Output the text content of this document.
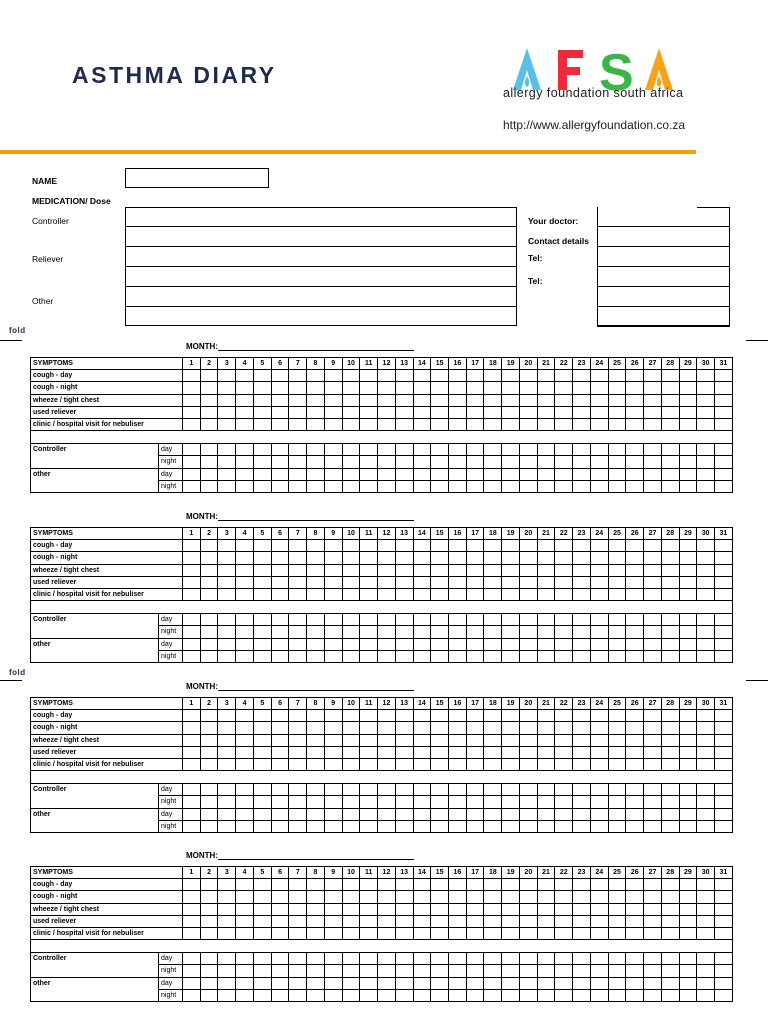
ASTHMA DIARY	S
allergy foundation south africa
http://www.allergyfoundation.co.za
NAME
MEDICATION/ Dose
Controller
Reliever
Other
Your doctor:
Contact details
Tel:
Tel:
fold
fold
MONTH:
SYMPTOMS		1	2	3	4	5	6	7	8	9	10	11	12	13	14	15	16	17	18	19	20	21	22	23	24	25	26	27	28	29	30	31
cough - day																																
cough - night																																
wheeze / tight chest																																
used reliever																																
clinic / hospital visit for nebuliser																																

Controller	day																															
	night																															
other	day																															
	night																															
MONTH:
SYMPTOMS		1	2	3	4	5	6	7	8	9	10	11	12	13	14	15	16	17	18	19	20	21	22	23	24	25	26	27	28	29	30	31
cough - day																																
cough - night																																
wheeze / tight chest																																
used reliever																																
clinic / hospital visit for nebuliser																																

Controller	day																															
	night																															
other	day																															
	night																															
MONTH:
SYMPTOMS		1	2	3	4	5	6	7	8	9	10	11	12	13	14	15	16	17	18	19	20	21	22	23	24	25	26	27	28	29	30	31
cough - day																																
cough - night																																
wheeze / tight chest																																
used reliever																																
clinic / hospital visit for nebuliser																																

Controller	day																															
	night																															
other	day																															
	night																															
MONTH:
SYMPTOMS		1	2	3	4	5	6	7	8	9	10	11	12	13	14	15	16	17	18	19	20	21	22	23	24	25	26	27	28	29	30	31
cough - day																																
cough - night																																
wheeze / tight chest																																
used reliever																																
clinic / hospital visit for nebuliser																																

Controller	day																															
	night																															
other	day																															
	night																															
